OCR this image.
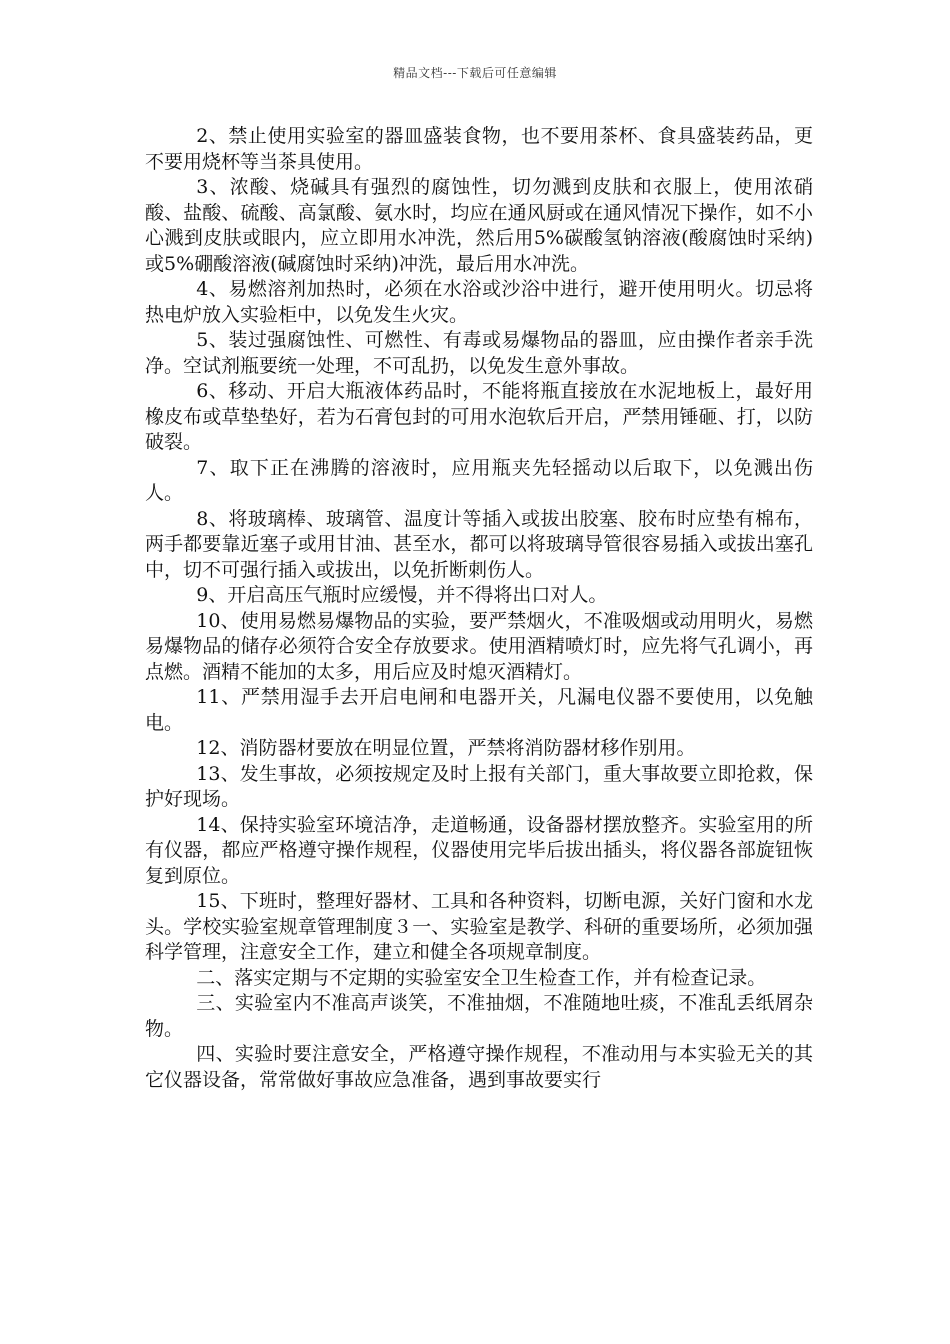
精品文档---下载后可任意编辑

2、禁止使用实验室的器皿盛装食物，也不要用茶杯、食具盛装药品，更不要用烧杯等当茶具使用。

3、浓酸、烧碱具有强烈的腐蚀性，切勿溅到皮肤和衣服上，使用浓硝酸、盐酸、硫酸、高氯酸、氨水时，均应在通风厨或在通风情况下操作，如不小心溅到皮肤或眼内，应立即用水冲洗，然后用5%碳酸氢钠溶液(酸腐蚀时采纳)或5%硼酸溶液(碱腐蚀时采纳)冲洗，最后用水冲洗。

4、易燃溶剂加热时，必须在水浴或沙浴中进行，避开使用明火。切忌将热电炉放入实验柜中，以免发生火灾。

5、装过强腐蚀性、可燃性、有毒或易爆物品的器皿，应由操作者亲手洗净。空试剂瓶要统一处理，不可乱扔，以免发生意外事故。

6、移动、开启大瓶液体药品时，不能将瓶直接放在水泥地板上，最好用橡皮布或草垫垫好，若为石膏包封的可用水泡软后开启，严禁用锤砸、打，以防破裂。

7、取下正在沸腾的溶液时，应用瓶夹先轻摇动以后取下，以免溅出伤人。

8、将玻璃棒、玻璃管、温度计等插入或拔出胶塞、胶布时应垫有棉布，两手都要靠近塞子或用甘油、甚至水，都可以将玻璃导管很容易插入或拔出塞孔中，切不可强行插入或拔出，以免折断刺伤人。

9、开启高压气瓶时应缓慢，并不得将出口对人。

10、使用易燃易爆物品的实验，要严禁烟火，不准吸烟或动用明火，易燃易爆物品的储存必须符合安全存放要求。使用酒精喷灯时，应先将气孔调小，再点燃。酒精不能加的太多，用后应及时熄灭酒精灯。

11、严禁用湿手去开启电闸和电器开关，凡漏电仪器不要使用，以免触电。

12、消防器材要放在明显位置，严禁将消防器材移作别用。

13、发生事故，必须按规定及时上报有关部门，重大事故要立即抢救，保护好现场。

14、保持实验室环境洁净，走道畅通，设备器材摆放整齐。实验室用的所有仪器，都应严格遵守操作规程，仪器使用完毕后拔出插头，将仪器各部旋钮恢复到原位。

15、下班时，整理好器材、工具和各种资料，切断电源，关好门窗和水龙头。学校实验室规章管理制度３一、实验室是教学、科研的重要场所，必须加强科学管理，注意安全工作，建立和健全各项规章制度。

二、落实定期与不定期的实验室安全卫生检查工作，并有检查记录。

三、实验室内不准高声谈笑，不准抽烟，不准随地吐痰，不准乱丢纸屑杂物。

四、实验时要注意安全，严格遵守操作规程，不准动用与本实验无关的其它仪器设备，常常做好事故应急准备，遇到事故要实行
